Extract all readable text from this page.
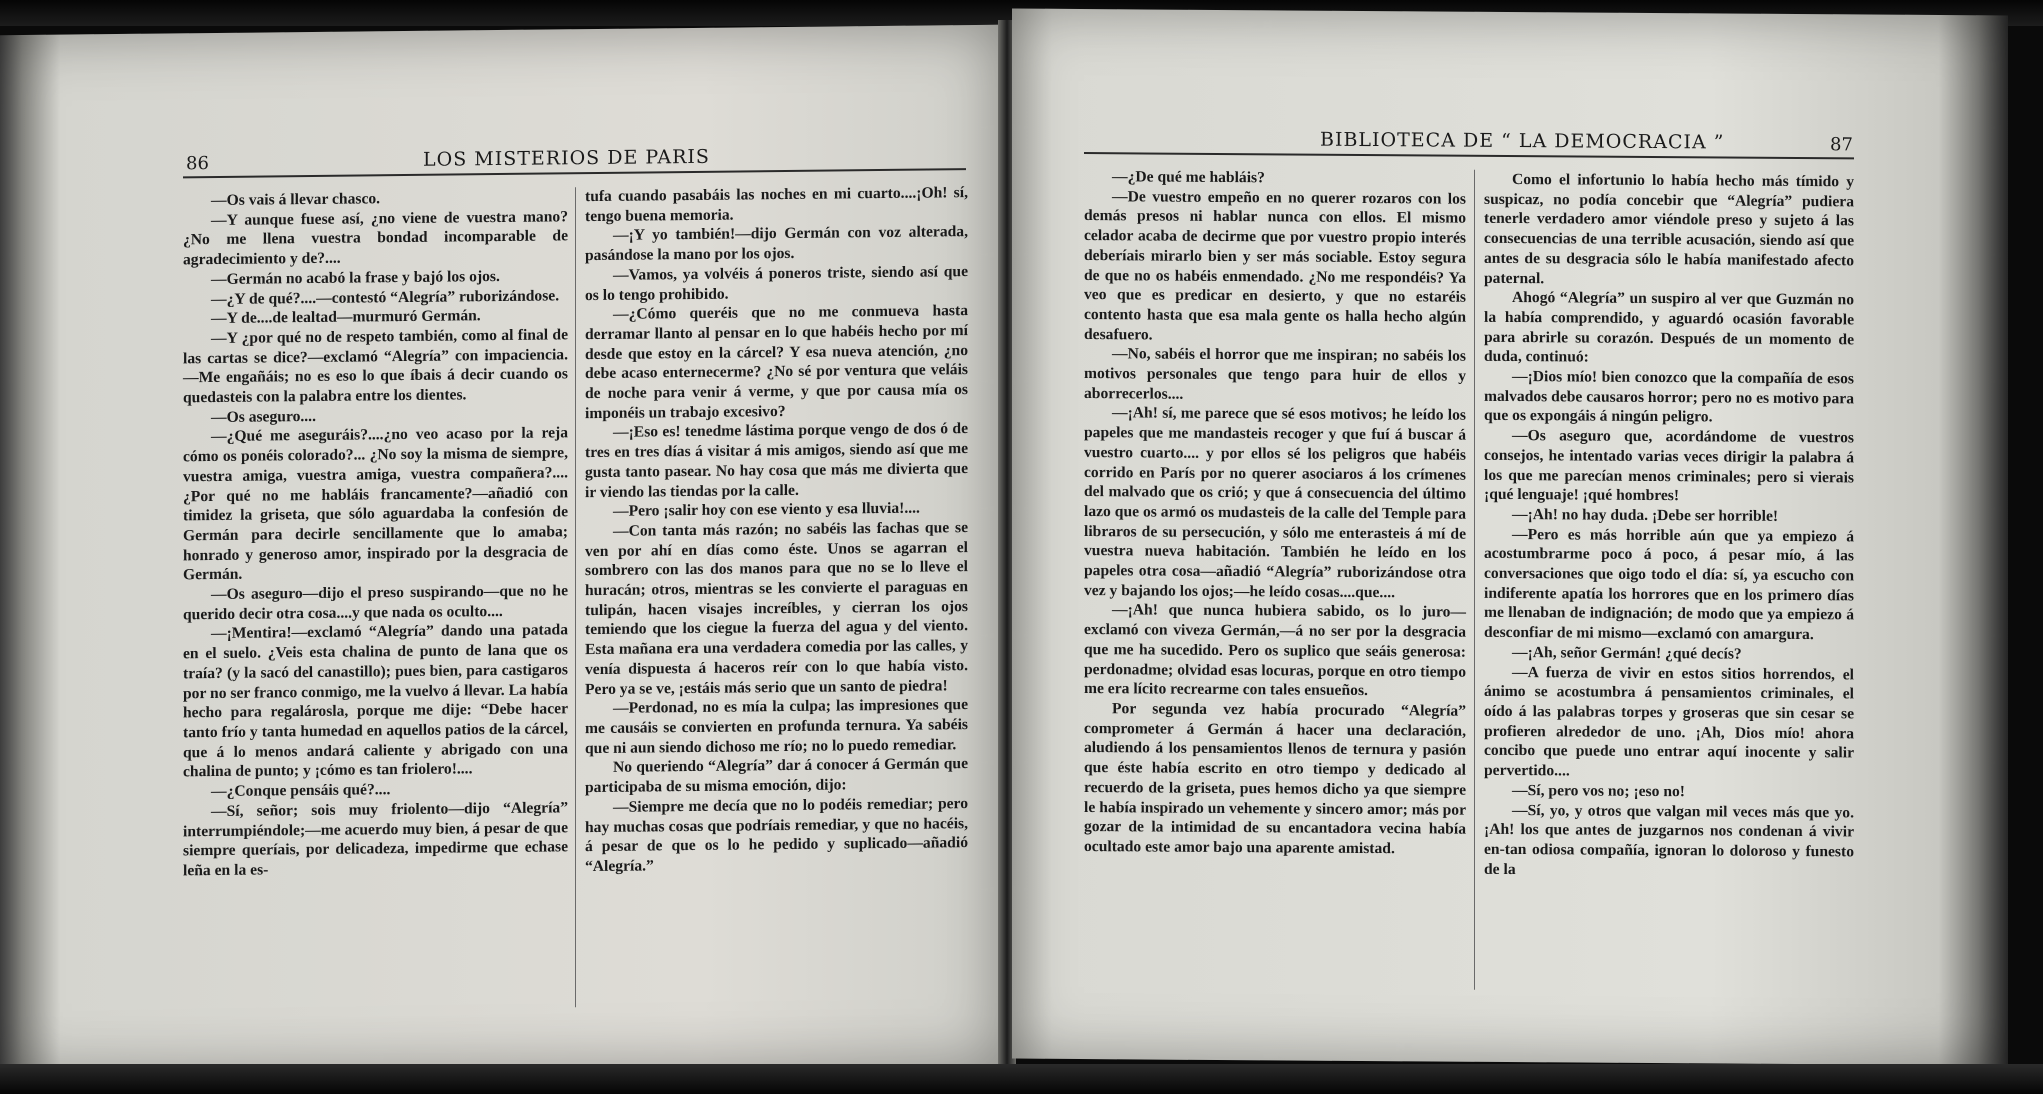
86	LOS MISTERIOS DE PARIS

—Os vais á llevar chasco.

—Y aunque fuese así, ¿no viene de vuestra mano? ¿No me llena vuestra bondad incomparable de agradecimiento y de?....

—Germán no acabó la frase y bajó los ojos.

—¿Y de qué?....—contestó “Alegría” ruborizándose.

—Y de....de lealtad—murmuró Germán.

—Y ¿por qué no de respeto también, como al final de las cartas se dice?—exclamó “Alegría” con impaciencia.—Me engañáis; no es eso lo que íbais á decir cuando os quedasteis con la palabra entre los dientes.

—Os aseguro....

—¿Qué me aseguráis?....¿no veo acaso por la reja cómo os ponéis colorado?... ¿No soy la misma de siempre, vuestra amiga, vuestra amiga, vuestra compañera?....¿Por qué no me habláis francamente?—añadió con timidez la griseta, que sólo aguardaba la confesión de Germán para decirle sencillamente que lo amaba; honrado y generoso amor, inspirado por la desgracia de Germán.

—Os aseguro—dijo el preso suspirando—que no he querido decir otra cosa....y que nada os oculto....

—¡Mentira!—exclamó “Alegría” dando una patada en el suelo. ¿Veis esta chalina de punto de lana que os traía? (y la sacó del canastillo); pues bien, para castigaros por no ser franco conmigo, me la vuelvo á llevar. La había hecho para regalárosla, porque me dije: “Debe hacer tanto frío y tanta humedad en aquellos patios de la cárcel, que á lo menos andará caliente y abrigado con una chalina de punto; y ¡cómo es tan friolero!....

—¿Conque pensáis qué?....

—Sí, señor; sois muy friolento—dijo “Alegría” interrumpiéndole;—me acuerdo muy bien, á pesar de que siempre queríais, por delicadeza, impedirme que echase leña en la es-

tufa cuando pasabáis las noches en mi cuarto....¡Oh! sí, tengo buena memoria.

—¡Y yo también!—dijo Germán con voz alterada, pasándose la mano por los ojos.

—Vamos, ya volvéis á poneros triste, siendo así que os lo tengo prohibido.

—¿Cómo queréis que no me conmueva hasta derramar llanto al pensar en lo que habéis hecho por mí desde que estoy en la cárcel? Y esa nueva atención, ¿no debe acaso enternecerme? ¿No sé por ventura que veláis de noche para venir á verme, y que por causa mía os imponéis un trabajo excesivo?

—¡Eso es! tenedme lástima porque vengo de dos ó de tres en tres días á visitar á mis amigos, siendo así que me gusta tanto pasear. No hay cosa que más me divierta que ir viendo las tiendas por la calle.

—Pero ¡salir hoy con ese viento y esa lluvia!....

—Con tanta más razón; no sabéis las fachas que se ven por ahí en días como éste. Unos se agarran el sombrero con las dos manos para que no se lo lleve el huracán; otros, mientras se les convierte el paraguas en tulipán, hacen visajes increíbles, y cierran los ojos temiendo que los ciegue la fuerza del agua y del viento. Esta mañana era una verdadera comedia por las calles, y venía dispuesta á haceros reír con lo que había visto. Pero ya se ve, ¡estáis más serio que un santo de piedra!

—Perdonad, no es mía la culpa; las impresiones que me causáis se convierten en profunda ternura. Ya sabéis que ni aun siendo dichoso me río; no lo puedo remediar.

No queriendo “Alegría” dar á conocer á Germán que participaba de su misma emoción, dijo:

—Siempre me decía que no lo podéis remediar; pero hay muchas cosas que podríais remediar, y que no hacéis, á pesar de que os lo he pedido y suplicado—añadió “Alegría.”

BIBLIOTECA DE “ LA DEMOCRACIA ”	87

—¿De qué me habláis?

—De vuestro empeño en no querer rozaros con los demás presos ni hablar nunca con ellos. El mismo celador acaba de decirme que por vuestro propio interés deberíais mirarlo bien y ser más sociable. Estoy segura de que no os habéis enmendado. ¿No me respondéis? Ya veo que es predicar en desierto, y que no estaréis contento hasta que esa mala gente os halla hecho algún desafuero.

—No, sabéis el horror que me inspiran; no sabéis los motivos personales que tengo para huir de ellos y aborrecerlos....

—¡Ah! sí, me parece que sé esos motivos; he leído los papeles que me mandasteis recoger y que fuí á buscar á vuestro cuarto.... y por ellos sé los peligros que habéis corrido en París por no querer asociaros á los crímenes del malvado que os crió; y que á consecuencia del último lazo que os armó os mudasteis de la calle del Temple para libraros de su persecución, y sólo me enterasteis á mí de vuestra nueva habitación. También he leído en los papeles otra cosa—añadió “Alegría” ruborizándose otra vez y bajando los ojos;—he leído cosas....que....

—¡Ah! que nunca hubiera sabido, os lo juro—exclamó con viveza Germán,—á no ser por la desgracia que me ha sucedido. Pero os suplico que seáis generosa: perdonadme; olvidad esas locuras, porque en otro tiempo me era lícito recrearme con tales ensueños.

Por segunda vez había procurado “Alegría” comprometer á Germán á hacer una declaración, aludiendo á los pensamientos llenos de ternura y pasión que éste había escrito en otro tiempo y dedicado al recuerdo de la griseta, pues hemos dicho ya que siempre le había inspirado un vehemente y sincero amor; más por gozar de la intimidad de su encantadora vecina había ocultado este amor bajo una aparente amistad.

Como el infortunio lo había hecho más tímido y suspicaz, no podía concebir que “Alegría” pudiera tenerle verdadero amor viéndole preso y sujeto á las consecuencias de una terrible acusación, siendo así que antes de su desgracia sólo le había manifestado afecto paternal.

Ahogó “Alegría” un suspiro al ver que Guzmán no la había comprendido, y aguardó ocasión favorable para abrirle su corazón. Después de un momento de duda, continuó:

—¡Dios mío! bien conozco que la compañía de esos malvados debe causaros horror; pero no es motivo para que os expongáis á ningún peligro.

—Os aseguro que, acordándome de vuestros consejos, he intentado varias veces dirigir la palabra á los que me parecían menos criminales; pero si vierais ¡qué lenguaje! ¡qué hombres!

—¡Ah! no hay duda. ¡Debe ser horrible!

—Pero es más horrible aún que ya empiezo á acostumbrarme poco á poco, á pesar mío, á las conversaciones que oigo todo el día: sí, ya escucho con indiferente apatía los horrores que en los primero días me llenaban de indignación; de modo que ya empiezo á desconfiar de mi mismo—exclamó con amargura.

—¡Ah, señor Germán! ¿qué decís?

—A fuerza de vivir en estos sitios horrendos, el ánimo se acostumbra á pensamientos criminales, el oído á las palabras torpes y groseras que sin cesar se profieren alrededor de uno. ¡Ah, Dios mío! ahora concibo que puede uno entrar aquí inocente y salir pervertido....

—Sí, pero vos no; ¡eso no!

—Sí, yo, y otros que valgan mil veces más que yo. ¡Ah! los que antes de juzgarnos nos condenan á vivir en-tan odiosa compañía, ignoran lo doloroso y funesto de la
